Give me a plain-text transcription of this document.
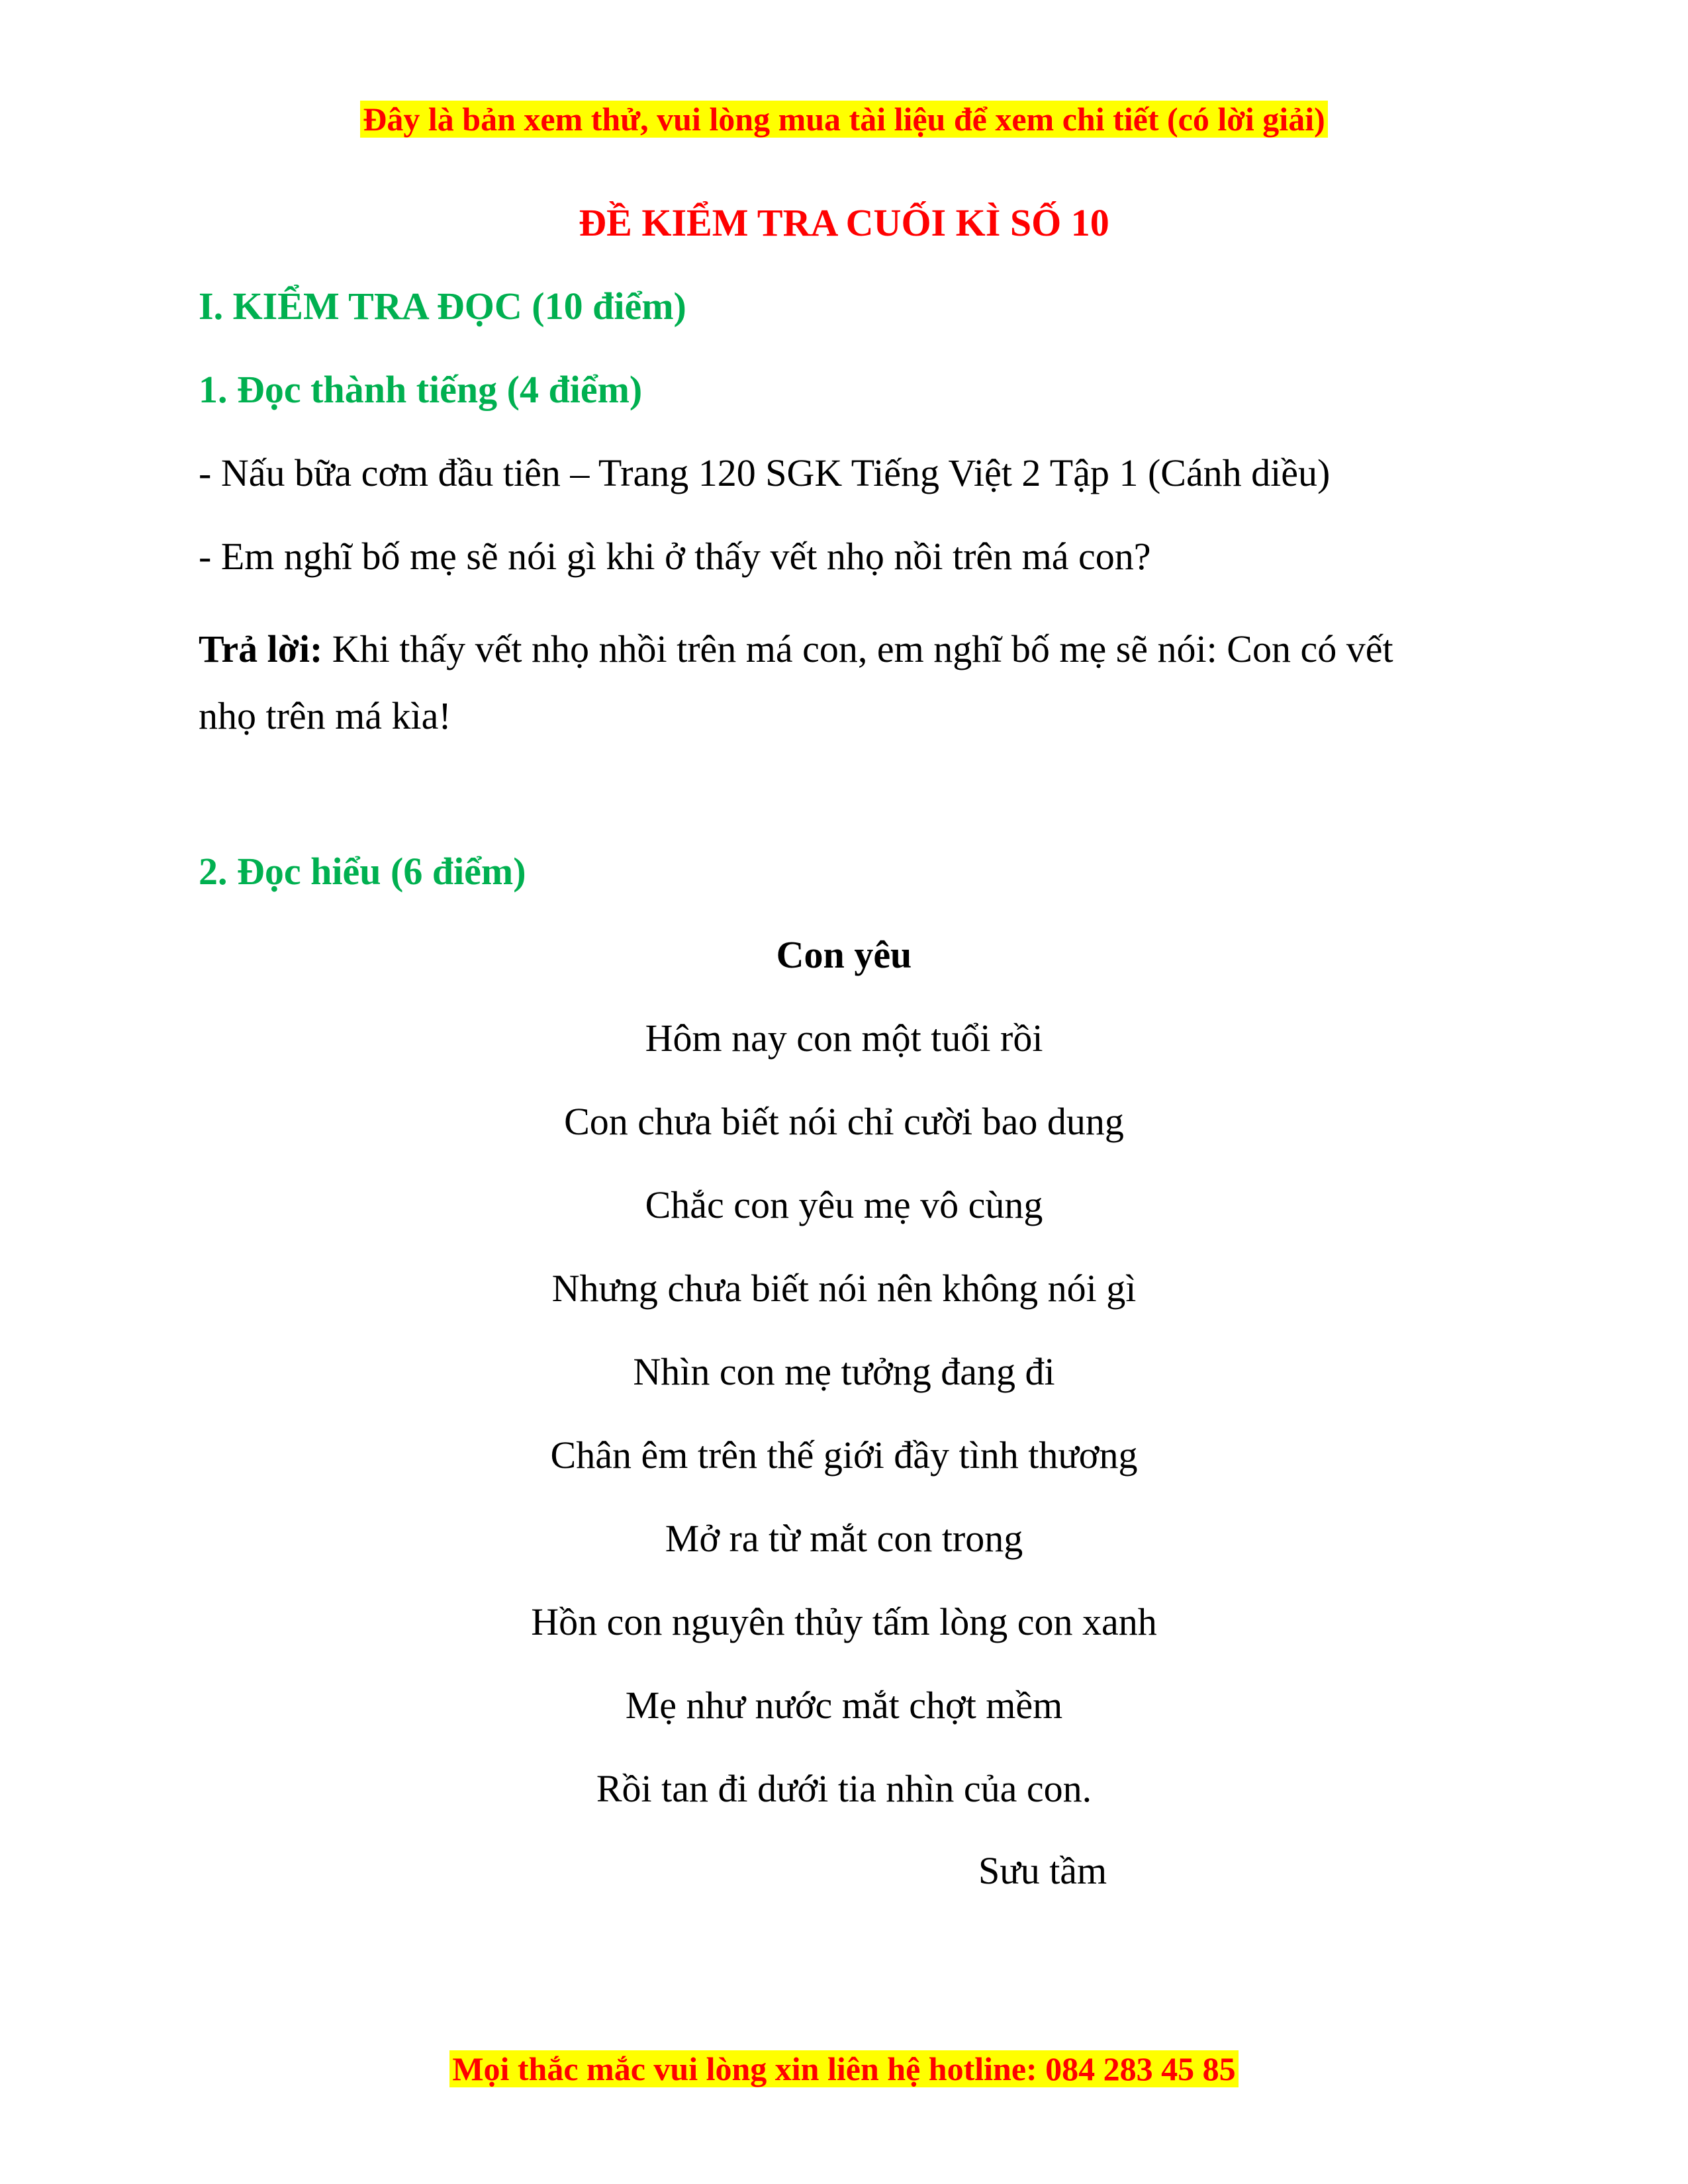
Đây là bản xem thử, vui lòng mua tài liệu để xem chi tiết (có lời giải)
ĐỀ KIỂM TRA CUỐI KÌ SỐ 10
I. KIỂM TRA ĐỌC (10 điểm)
1. Đọc thành tiếng (4 điểm)
- Nấu bữa cơm đầu tiên – Trang 120 SGK Tiếng Việt 2 Tập 1 (Cánh diều)
- Em nghĩ bố mẹ sẽ nói gì khi ở thấy vết nhọ nồi trên má con?
Trả lời: Khi thấy vết nhọ nhồi trên má con, em nghĩ bố mẹ sẽ nói: Con có vết nhọ trên má kìa!
2. Đọc hiểu (6 điểm)
Con yêu
Hôm nay con một tuổi rồi
Con chưa biết nói chỉ cười bao dung
Chắc con yêu mẹ vô cùng
Nhưng chưa biết nói nên không nói gì
Nhìn con mẹ tưởng đang đi
Chân êm trên thế giới đầy tình thương
Mở ra từ mắt con trong
Hồn con nguyên thủy tấm lòng con xanh
Mẹ như nước mắt chợt mềm
Rồi tan đi dưới tia nhìn của con.
Sưu tầm
Mọi thắc mắc vui lòng xin liên hệ hotline: 084 283 45 85
